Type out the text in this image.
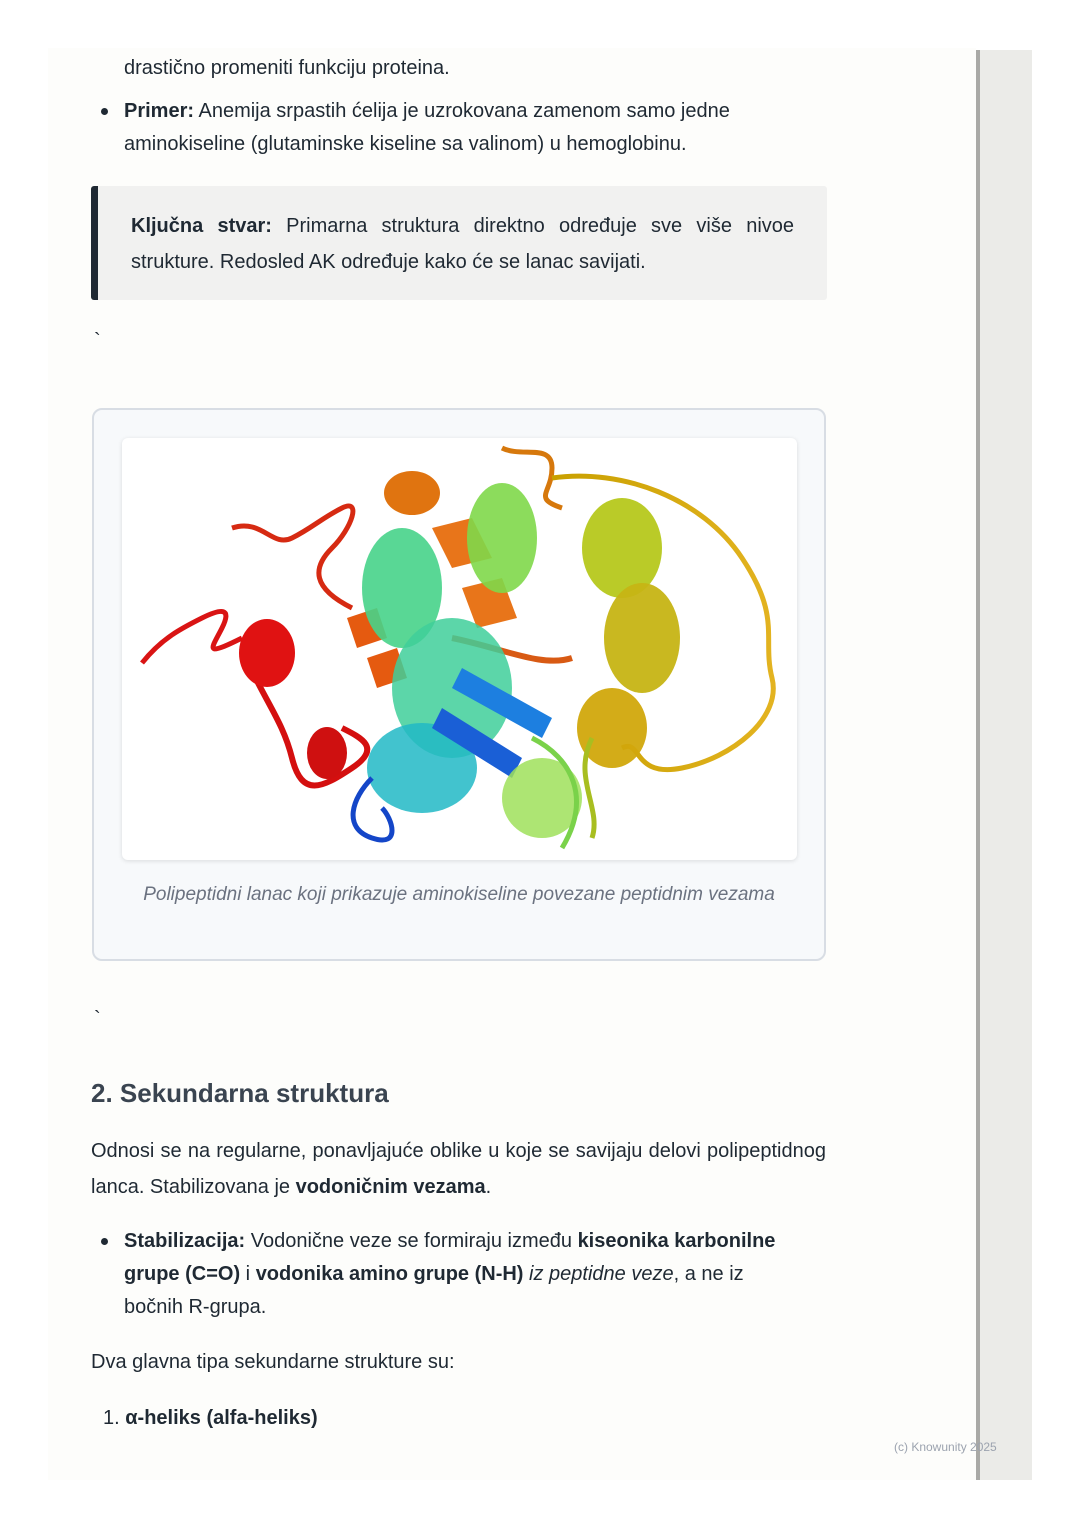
drastično promeniti funkciju proteina.
Primer: Anemija srpastih ćelija je uzrokovana zamenom samo jedne
aminokiseline (glutaminske kiseline sa valinom) u hemoglobinu.
Ključna stvar: Primarna struktura direktno određuje sve više nivoe strukture. Redosled AK određuje kako će se lanac savijati.
`
Polipeptidni lanac koji prikazuje aminokiseline povezane peptidnim vezama
`
2. Sekundarna struktura
Odnosi se na regularne, ponavljajuće oblike u koje se savijaju delovi polipeptidnog lanca. Stabilizovana je vodoničnim vezama.
Stabilizacija: Vodonične veze se formiraju između kiseonika karbonilne
grupe (C=O) i vodonika amino grupe (N-H) iz peptidne veze, a ne iz
bočnih R-grupa.
Dva glavna tipa sekundarne strukture su:
1. α-heliks (alfa-heliks)
(c) Knowunity 2025
